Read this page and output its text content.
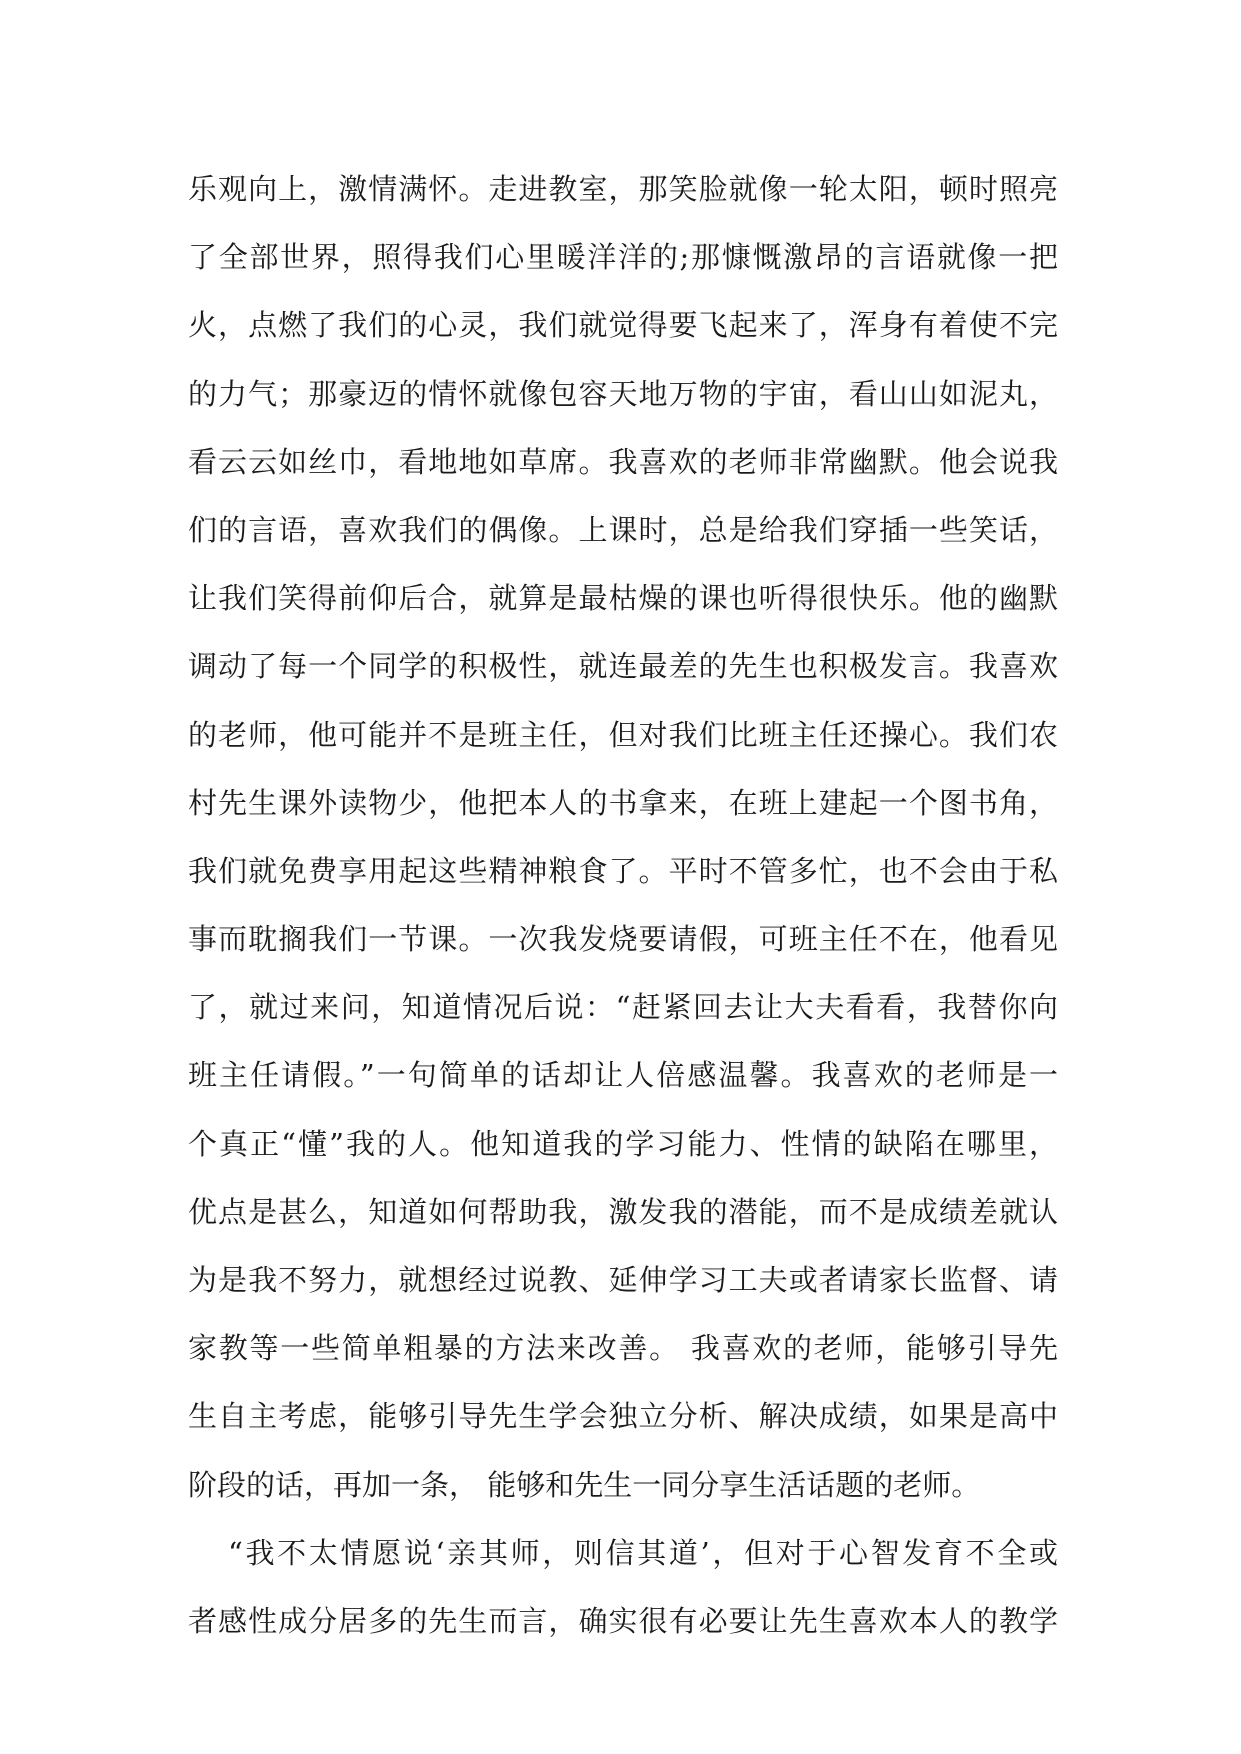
乐观向上，激情满怀。走进教室，那笑脸就像一轮太阳，顿时照亮
了全部世界，照得我们心里暖洋洋的;那慷慨激昂的言语就像一把
火，点燃了我们的心灵，我们就觉得要飞起来了，浑身有着使不完
的力气；那豪迈的情怀就像包容天地万物的宇宙，看山山如泥丸，
看云云如丝巾，看地地如草席。我喜欢的老师非常幽默。他会说我
们的言语，喜欢我们的偶像。上课时，总是给我们穿插一些笑话，
让我们笑得前仰后合，就算是最枯燥的课也听得很快乐。他的幽默
调动了每一个同学的积极性，就连最差的先生也积极发言。我喜欢
的老师，他可能并不是班主任，但对我们比班主任还操心。我们农
村先生课外读物少，他把本人的书拿来，在班上建起一个图书角，
我们就免费享用起这些精神粮食了。平时不管多忙，也不会由于私
事而耽搁我们一节课。一次我发烧要请假，可班主任不在，他看见
了，就过来问，知道情况后说：“赶紧回去让大夫看看，我替你向
班主任请假。”一句简单的话却让人倍感温馨。我喜欢的老师是一
个真正“懂”我的人。他知道我的学习能力、性情的缺陷在哪里，
优点是甚么，知道如何帮助我，激发我的潜能，而不是成绩差就认
为是我不努力，就想经过说教、延伸学习工夫或者请家长监督、请
家教等一些简单粗暴的方法来改善。 我喜欢的老师，能够引导先
生自主考虑，能够引导先生学会独立分析、解决成绩，如果是高中
阶段的话，再加一条， 能够和先生一同分享生活话题的老师。
“我不太情愿说‘亲其师，则信其道’，但对于心智发育不全或
者感性成分居多的先生而言，确实很有必要让先生喜欢本人的教学
